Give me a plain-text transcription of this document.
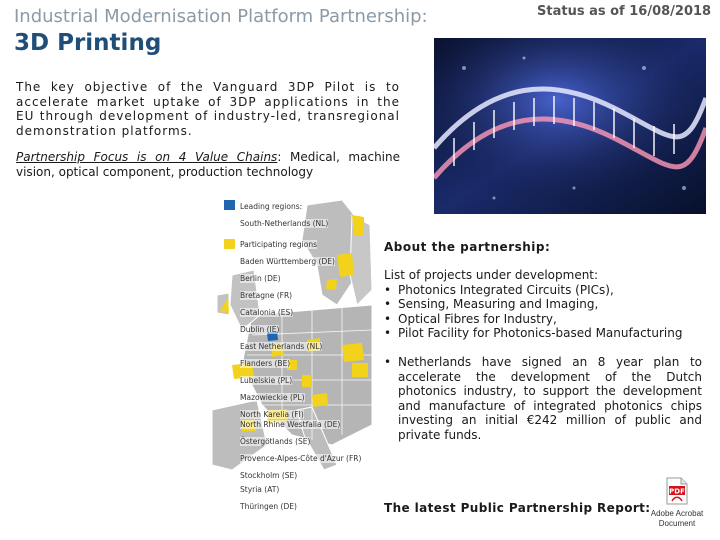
Industrial Modernisation Platform Partnership:
3D Printing
Status as of 16/08/2018
The key objective of the Vanguard 3DP Pilot is to accelerate market uptake of 3DP applications in the EU through development of industry-led, transregional demonstration platforms.
Partnership Focus is on 4 Value Chains: Medical, machine vision, optical component, production technology
Leading regions:
South-Netherlands (NL)
Participating regions
Baden Württemberg (DE)
Berlin (DE)
Bretagne (FR)
Catalonia (ES)
Dublin (IE)
East Netherlands (NL)
Flanders (BE)
Lubelskie (PL)
Mazowieckie (PL)
North Karelia (FI)
North Rhine Westfalia (DE)
Östergötlands (SE)
Provence-Alpes-Côte d'Azur (FR)
Stockholm (SE)
Styria (AT)
Thüringen (DE)
About the partnership:
List of projects under development:
• Photonics Integrated Circuits (PICs),
• Sensing, Measuring and Imaging,
• Optical Fibres for Industry,
• Pilot Facility for Photonics-based Manufacturing
• Netherlands have signed an 8 year plan to accelerate the development of the Dutch photonics industry, to support the development and manufacture of integrated photonics chips investing an initial €242 million of public and private funds.
The latest Public Partnership Report:
PDF
Adobe Acrobat
Document
